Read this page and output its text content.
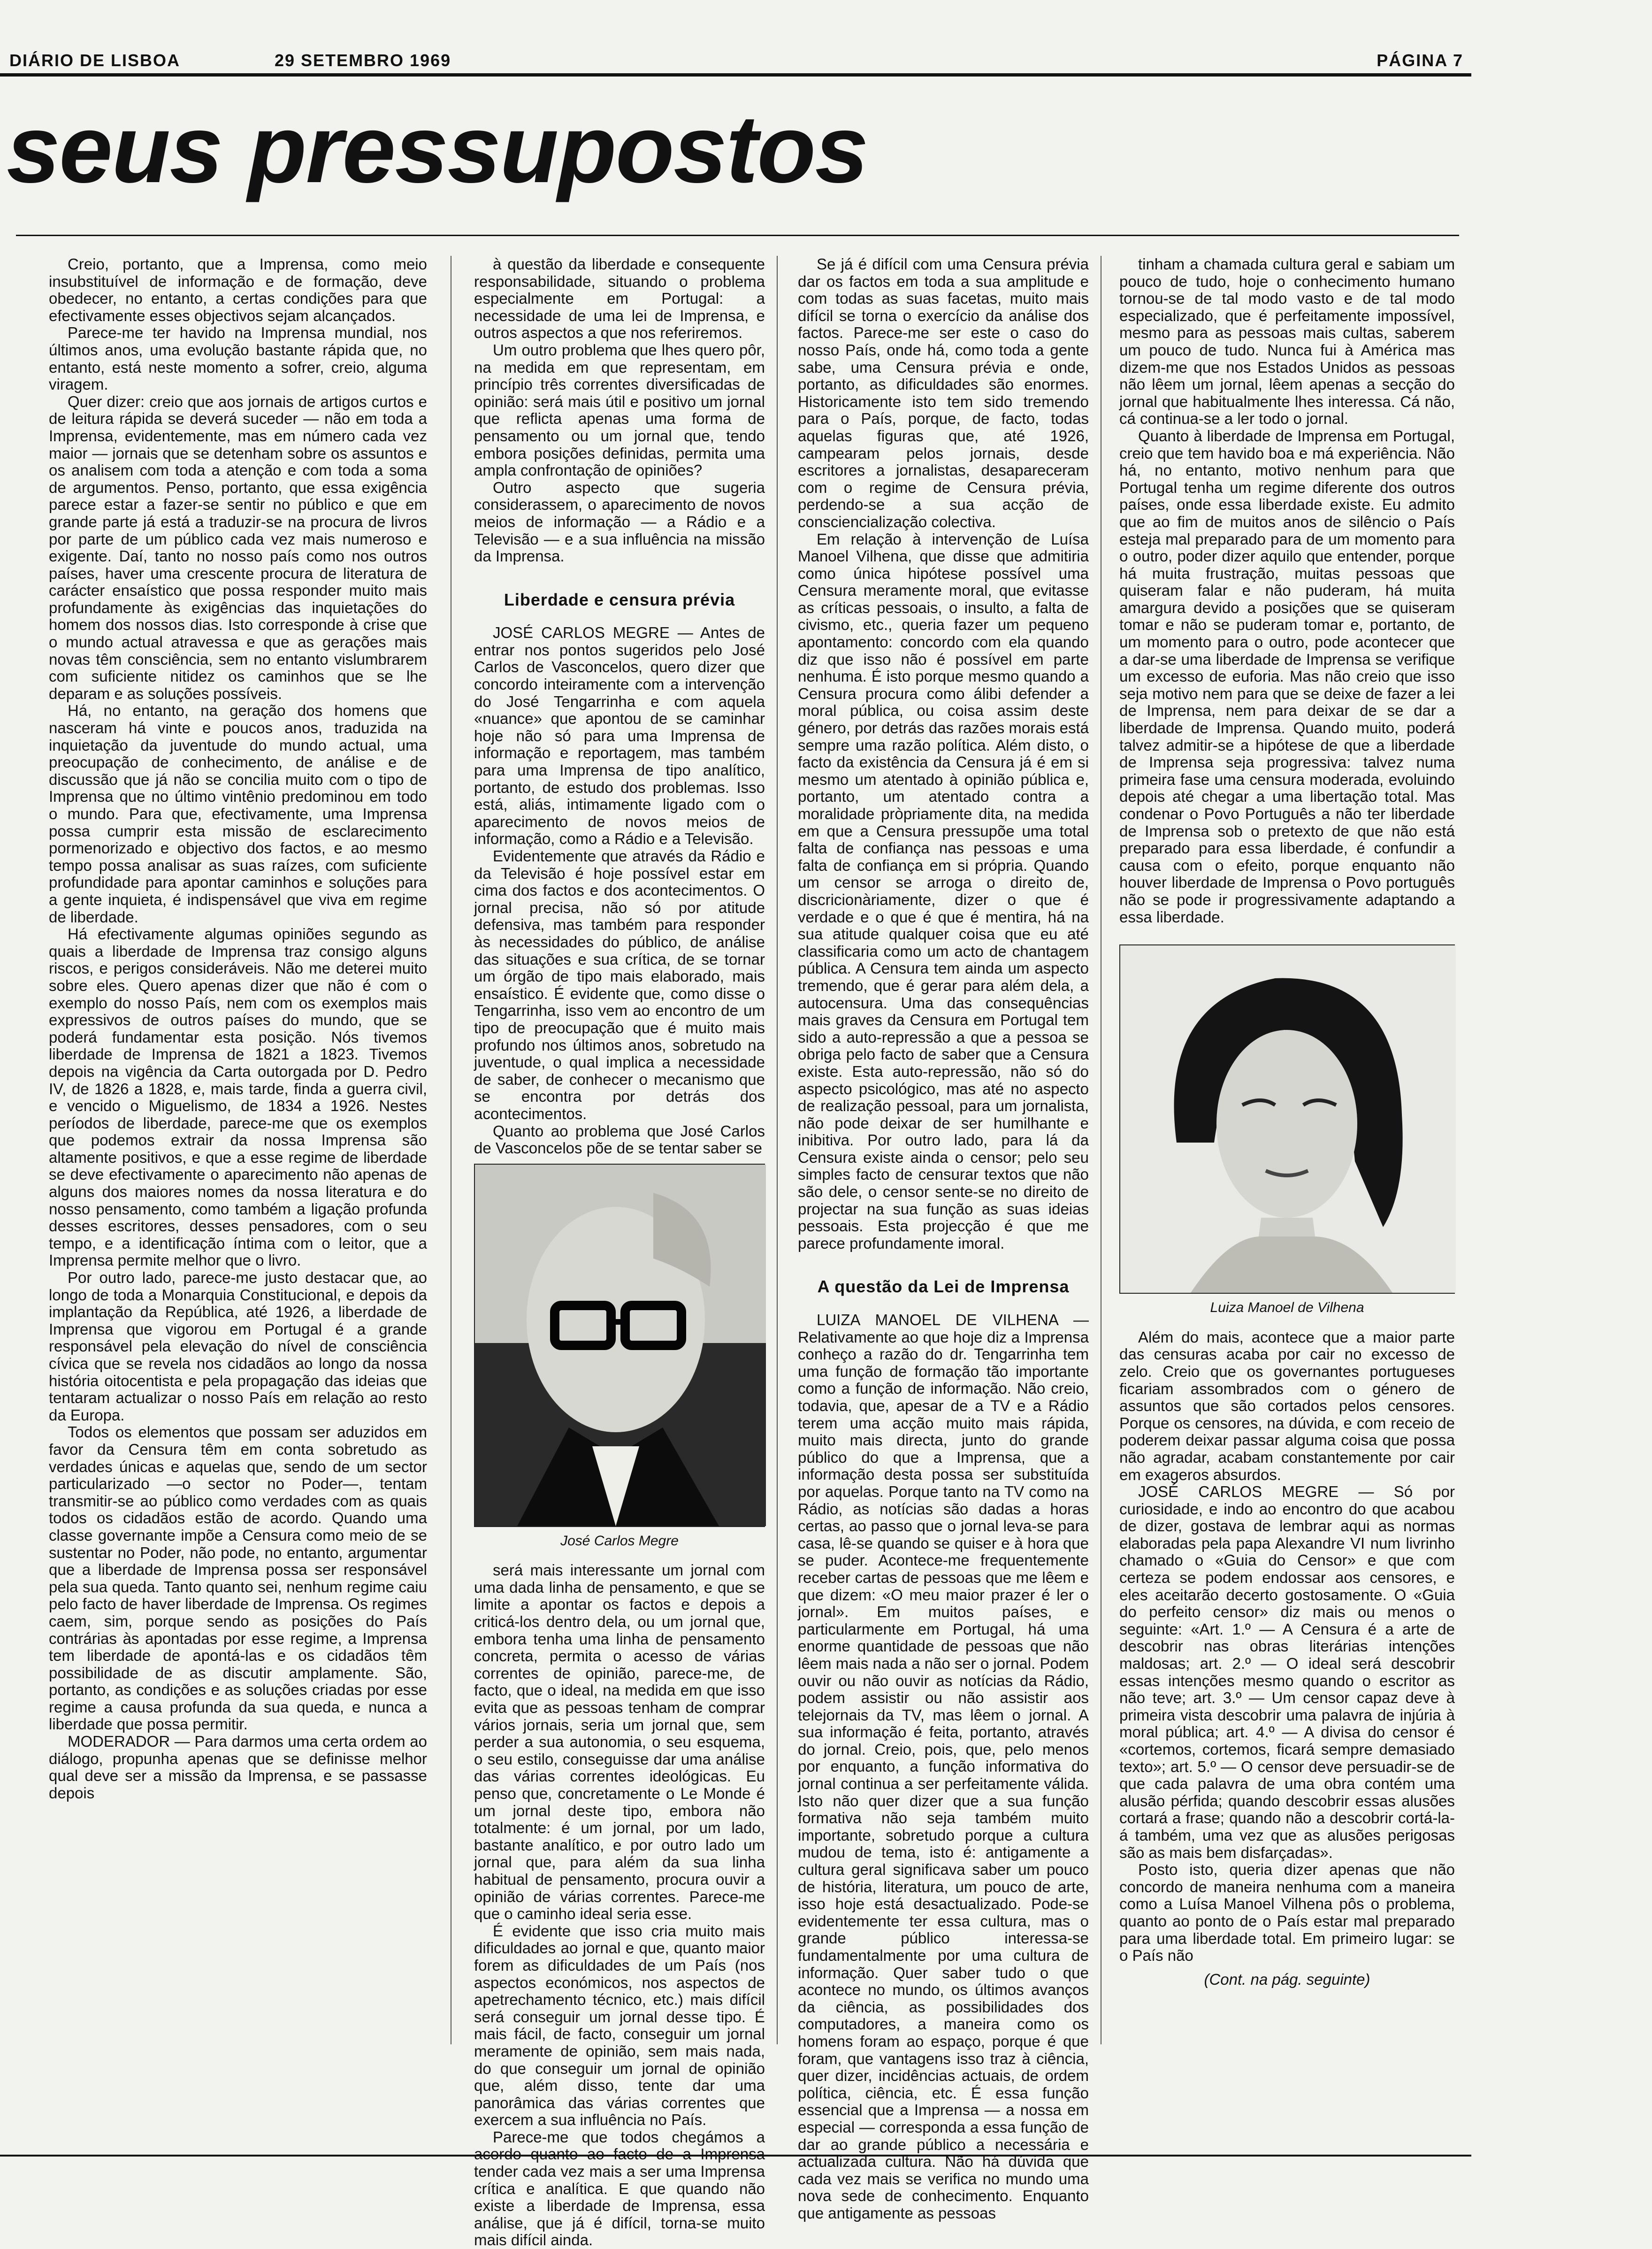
DIÁRIO DE LISBOA	29 SETEMBRO 1969	PÁGINA 7
seus pressupostos

Creio, portanto, que a Imprensa, como meio insubstituível de informação e de formação, deve obedecer, no entanto, a certas condições para que efectivamente esses objectivos sejam alcançados.

Parece-me ter havido na Imprensa mundial, nos últimos anos, uma evolução bastante rápida que, no entanto, está neste momento a sofrer, creio, alguma viragem.

Quer dizer: creio que aos jornais de artigos curtos e de leitura rápida se deverá suceder — não em toda a Imprensa, evidentemente, mas em número cada vez maior — jornais que se detenham sobre os assuntos e os analisem com toda a atenção e com toda a soma de argumentos. Penso, portanto, que essa exigência parece estar a fazer-se sentir no público e que em grande parte já está a traduzir-se na procura de livros por parte de um público cada vez mais numeroso e exigente. Daí, tanto no nosso país como nos outros países, haver uma crescente procura de literatura de carácter ensaístico que possa responder muito mais profundamente às exigências das inquietações do homem dos nossos dias. Isto corresponde à crise que o mundo actual atravessa e que as gerações mais novas têm consciência, sem no entanto vislumbrarem com suficiente nitidez os caminhos que se lhe deparam e as soluções possíveis.

Há, no entanto, na geração dos homens que nasceram há vinte e poucos anos, traduzida na inquietação da juventude do mundo actual, uma preocupação de conhecimento, de análise e de discussão que já não se concilia muito com o tipo de Imprensa que no último vintênio predominou em todo o mundo. Para que, efectivamente, uma Imprensa possa cumprir esta missão de esclarecimento pormenorizado e objectivo dos factos, e ao mesmo tempo possa analisar as suas raízes, com suficiente profundidade para apontar caminhos e soluções para a gente inquieta, é indispensável que viva em regime de liberdade.

Há efectivamente algumas opiniões segundo as quais a liberdade de Imprensa traz consigo alguns riscos, e perigos consideráveis. Não me deterei muito sobre eles. Quero apenas dizer que não é com o exemplo do nosso País, nem com os exemplos mais expressivos de outros países do mundo, que se poderá fundamentar esta posição. Nós tivemos liberdade de Imprensa de 1821 a 1823. Tivemos depois na vigência da Carta outorgada por D. Pedro IV, de 1826 a 1828, e, mais tarde, finda a guerra civil, e vencido o Miguelismo, de 1834 a 1926. Nestes períodos de liberdade, parece-me que os exemplos que podemos extrair da nossa Imprensa são altamente positivos, e que a esse regime de liberdade se deve efectivamente o aparecimento não apenas de alguns dos maiores nomes da nossa literatura e do nosso pensamento, como também a ligação profunda desses escritores, desses pensadores, com o seu tempo, e a identificação íntima com o leitor, que a Imprensa permite melhor que o livro.

Por outro lado, parece-me justo destacar que, ao longo de toda a Monarquia Constitucional, e depois da implantação da República, até 1926, a liberdade de Imprensa que vigorou em Portugal é a grande responsável pela elevação do nível de consciência cívica que se revela nos cidadãos ao longo da nossa história oitocentista e pela propagação das ideias que tentaram actualizar o nosso País em relação ao resto da Europa.

Todos os elementos que possam ser aduzidos em favor da Censura têm em conta sobretudo as verdades únicas e aquelas que, sendo de um sector particularizado —o sector no Poder—, tentam transmitir-se ao público como verdades com as quais todos os cidadãos estão de acordo. Quando uma classe governante impõe a Censura como meio de se sustentar no Poder, não pode, no entanto, argumentar que a liberdade de Imprensa possa ser responsável pela sua queda. Tanto quanto sei, nenhum regime caiu pelo facto de haver liberdade de Imprensa. Os regimes caem, sim, porque sendo as posições do País contrárias às apontadas por esse regime, a Imprensa tem liberdade de apontá-las e os cidadãos têm possibilidade de as discutir amplamente. São, portanto, as condições e as soluções criadas por esse regime a causa profunda da sua queda, e nunca a liberdade que possa permitir.

MODERADOR — Para darmos uma certa ordem ao diálogo, propunha apenas que se definisse melhor qual deve ser a missão da Imprensa, e se passasse depois

à questão da liberdade e consequente responsabilidade, situando o problema especialmente em Portugal: a necessidade de uma lei de Imprensa, e outros aspectos a que nos referiremos.

Um outro problema que lhes quero pôr, na medida em que representam, em princípio três correntes diversificadas de opinião: será mais útil e positivo um jornal que reflicta apenas uma forma de pensamento ou um jornal que, tendo embora posições definidas, permita uma ampla confrontação de opiniões?

Outro aspecto que sugeria considerassem, o aparecimento de novos meios de informação — a Rádio e a Televisão — e a sua influência na missão da Imprensa.

Liberdade e censura prévia

JOSÉ CARLOS MEGRE — Antes de entrar nos pontos sugeridos pelo José Carlos de Vasconcelos, quero dizer que concordo inteiramente com a intervenção do José Tengarrinha e com aquela «nuance» que apontou de se caminhar hoje não só para uma Imprensa de informação e reportagem, mas também para uma Imprensa de tipo analítico, portanto, de estudo dos problemas. Isso está, aliás, intimamente ligado com o aparecimento de novos meios de informação, como a Rádio e a Televisão.

Evidentemente que através da Rádio e da Televisão é hoje possível estar em cima dos factos e dos acontecimentos. O jornal precisa, não só por atitude defensiva, mas também para responder às necessidades do público, de análise das situações e sua crítica, de se tornar um órgão de tipo mais elaborado, mais ensaístico. É evidente que, como disse o Tengarrinha, isso vem ao encontro de um tipo de preocupação que é muito mais profundo nos últimos anos, sobretudo na juventude, o qual implica a necessidade de saber, de conhecer o mecanismo que se encontra por detrás dos acontecimentos.

Quanto ao problema que José Carlos de Vasconcelos põe de se tentar saber se

José Carlos Megre

será mais interessante um jornal com uma dada linha de pensamento, e que se limite a apontar os factos e depois a criticá-los dentro dela, ou um jornal que, embora tenha uma linha de pensamento concreta, permita o acesso de várias correntes de opinião, parece-me, de facto, que o ideal, na medida em que isso evita que as pessoas tenham de comprar vários jornais, seria um jornal que, sem perder a sua autonomia, o seu esquema, o seu estilo, conseguisse dar uma análise das várias correntes ideológicas. Eu penso que, concretamente o Le Monde é um jornal deste tipo, embora não totalmente: é um jornal, por um lado, bastante analítico, e por outro lado um jornal que, para além da sua linha habitual de pensamento, procura ouvir a opinião de várias correntes. Parece-me que o caminho ideal seria esse.

É evidente que isso cria muito mais dificuldades ao jornal e que, quanto maior forem as dificuldades de um País (nos aspectos económicos, nos aspectos de apetrechamento técnico, etc.) mais difícil será conseguir um jornal desse tipo. É mais fácil, de facto, conseguir um jornal meramente de opinião, sem mais nada, do que conseguir um jornal de opinião que, além disso, tente dar uma panorâmica das várias correntes que exercem a sua influência no País.

Parece-me que todos chegámos a acordo quanto ao facto de a Imprensa tender cada vez mais a ser uma Imprensa crítica e analítica. E que quando não existe a liberdade de Imprensa, essa análise, que já é difícil, torna-se muito mais difícil ainda.

Se já é difícil com uma Censura prévia dar os factos em toda a sua amplitude e com todas as suas facetas, muito mais difícil se torna o exercício da análise dos factos. Parece-me ser este o caso do nosso País, onde há, como toda a gente sabe, uma Censura prévia e onde, portanto, as dificuldades são enormes. Historicamente isto tem sido tremendo para o País, porque, de facto, todas aquelas figuras que, até 1926, campearam pelos jornais, desde escritores a jornalistas, desapareceram com o regime de Censura prévia, perdendo-se a sua acção de consciencialização colectiva.

Em relação à intervenção de Luísa Manoel Vilhena, que disse que admitiria como única hipótese possível uma Censura meramente moral, que evitasse as críticas pessoais, o insulto, a falta de civismo, etc., queria fazer um pequeno apontamento: concordo com ela quando diz que isso não é possível em parte nenhuma. É isto porque mesmo quando a Censura procura como álibi defender a moral pública, ou coisa assim deste género, por detrás das razões morais está sempre uma razão política. Além disto, o facto da existência da Censura já é em si mesmo um atentado à opinião pública e, portanto, um atentado contra a moralidade pròpriamente dita, na medida em que a Censura pressupõe uma total falta de confiança nas pessoas e uma falta de confiança em si própria. Quando um censor se arroga o direito de, discricionàriamente, dizer o que é verdade e o que é que é mentira, há na sua atitude qualquer coisa que eu até classificaria como um acto de chantagem pública. A Censura tem ainda um aspecto tremendo, que é gerar para além dela, a autocensura. Uma das consequências mais graves da Censura em Portugal tem sido a auto-repressão a que a pessoa se obriga pelo facto de saber que a Censura existe. Esta auto-repressão, não só do aspecto psicológico, mas até no aspecto de realização pessoal, para um jornalista, não pode deixar de ser humilhante e inibitiva. Por outro lado, para lá da Censura existe ainda o censor; pelo seu simples facto de censurar textos que não são dele, o censor sente-se no direito de projectar na sua função as suas ideias pessoais. Esta projecção é que me parece profundamente imoral.

A questão da Lei de Imprensa

LUIZA MANOEL DE VILHENA — Relativamente ao que hoje diz a Imprensa conheço a razão do dr. Tengarrinha tem uma função de formação tão importante como a função de informação. Não creio, todavia, que, apesar de a TV e a Rádio terem uma acção muito mais rápida, muito mais directa, junto do grande público do que a Imprensa, que a informação desta possa ser substituída por aquelas. Porque tanto na TV como na Rádio, as notícias são dadas a horas certas, ao passo que o jornal leva-se para casa, lê-se quando se quiser e à hora que se puder. Acontece-me frequentemente receber cartas de pessoas que me lêem e que dizem: «O meu maior prazer é ler o jornal». Em muitos países, e particularmente em Portugal, há uma enorme quantidade de pessoas que não lêem mais nada a não ser o jornal. Podem ouvir ou não ouvir as notícias da Rádio, podem assistir ou não assistir aos telejornais da TV, mas lêem o jornal. A sua informação é feita, portanto, através do jornal. Creio, pois, que, pelo menos por enquanto, a função informativa do jornal continua a ser perfeitamente válida. Isto não quer dizer que a sua função formativa não seja também muito importante, sobretudo porque a cultura mudou de tema, isto é: antigamente a cultura geral significava saber um pouco de história, literatura, um pouco de arte, isso hoje está desactualizado. Pode-se evidentemente ter essa cultura, mas o grande público interessa-se fundamentalmente por uma cultura de informação. Quer saber tudo o que acontece no mundo, os últimos avanços da ciência, as possibilidades dos computadores, a maneira como os homens foram ao espaço, porque é que foram, que vantagens isso traz à ciência, quer dizer, incidências actuais, de ordem política, ciência, etc. É essa função essencial que a Imprensa — a nossa em especial — corresponda a essa função de dar ao grande público a necessária e actualizada cultura. Não há dúvida que cada vez mais se verifica no mundo uma nova sede de conhecimento. Enquanto que antigamente as pessoas

tinham a chamada cultura geral e sabiam um pouco de tudo, hoje o conhecimento humano tornou-se de tal modo vasto e de tal modo especializado, que é perfeitamente impossível, mesmo para as pessoas mais cultas, saberem um pouco de tudo. Nunca fui à América mas dizem-me que nos Estados Unidos as pessoas não lêem um jornal, lêem apenas a secção do jornal que habitualmente lhes interessa. Cá não, cá continua-se a ler todo o jornal.

Quanto à liberdade de Imprensa em Portugal, creio que tem havido boa e má experiência. Não há, no entanto, motivo nenhum para que Portugal tenha um regime diferente dos outros países, onde essa liberdade existe. Eu admito que ao fim de muitos anos de silêncio o País esteja mal preparado para de um momento para o outro, poder dizer aquilo que entender, porque há muita frustração, muitas pessoas que quiseram falar e não puderam, há muita amargura devido a posições que se quiseram tomar e não se puderam tomar e, portanto, de um momento para o outro, pode acontecer que a dar-se uma liberdade de Imprensa se verifique um excesso de euforia. Mas não creio que isso seja motivo nem para que se deixe de fazer a lei de Imprensa, nem para deixar de se dar a liberdade de Imprensa. Quando muito, poderá talvez admitir-se a hipótese de que a liberdade de Imprensa seja progressiva: talvez numa primeira fase uma censura moderada, evoluindo depois até chegar a uma libertação total. Mas condenar o Povo Português a não ter liberdade de Imprensa sob o pretexto de que não está preparado para essa liberdade, é confundir a causa com o efeito, porque enquanto não houver liberdade de Imprensa o Povo português não se pode ir progressivamente adaptando a essa liberdade.

Luiza Manoel de Vilhena

Além do mais, acontece que a maior parte das censuras acaba por cair no excesso de zelo. Creio que os governantes portugueses ficariam assombrados com o género de assuntos que são cortados pelos censores. Porque os censores, na dúvida, e com receio de poderem deixar passar alguma coisa que possa não agradar, acabam constantemente por cair em exageros absurdos.

JOSÉ CARLOS MEGRE — Só por curiosidade, e indo ao encontro do que acabou de dizer, gostava de lembrar aqui as normas elaboradas pela papa Alexandre VI num livrinho chamado o «Guia do Censor» e que com certeza se podem endossar aos censores, e eles aceitarão decerto gostosamente. O «Guia do perfeito censor» diz mais ou menos o seguinte: «Art. 1.º — A Censura é a arte de descobrir nas obras literárias intenções maldosas; art. 2.º — O ideal será descobrir essas intenções mesmo quando o escritor as não teve; art. 3.º — Um censor capaz deve à primeira vista descobrir uma palavra de injúria à moral pública; art. 4.º — A divisa do censor é «cortemos, cortemos, ficará sempre demasiado texto»; art. 5.º — O censor deve persuadir-se de que cada palavra de uma obra contém uma alusão pérfida; quando descobrir essas alusões cortará a frase; quando não a descobrir cortá-la-á também, uma vez que as alusões perigosas são as mais bem disfarçadas».

Posto isto, queria dizer apenas que não concordo de maneira nenhuma com a maneira como a Luísa Manoel Vilhena pôs o problema, quanto ao ponto de o País estar mal preparado para uma liberdade total. Em primeiro lugar: se o País não

(Cont. na pág. seguinte)
